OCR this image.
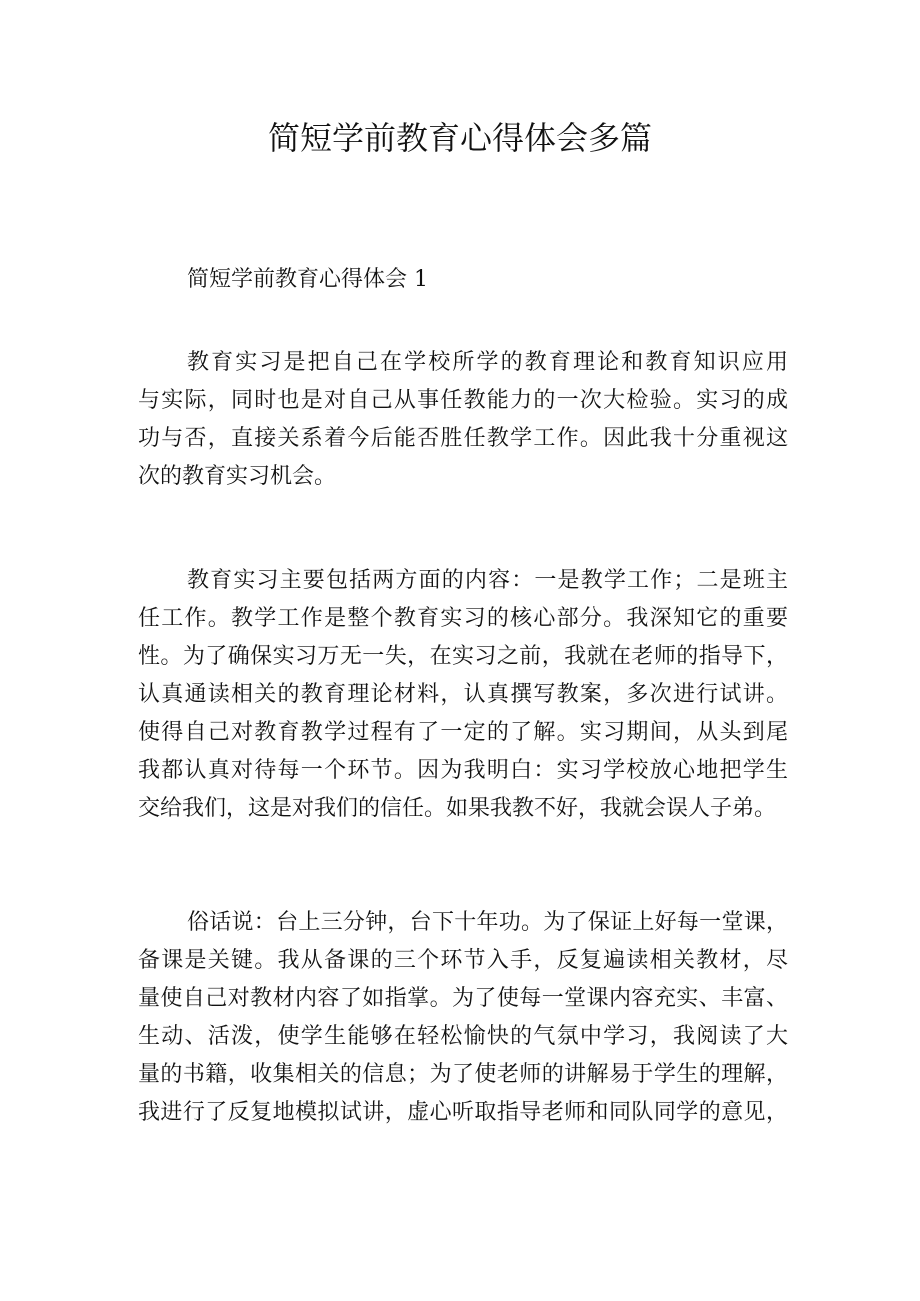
简短学前教育心得体会多篇
简短学前教育心得体会 1
教育实习是把自己在学校所学的教育理论和教育知识应用
与实际，同时也是对自己从事任教能力的一次大检验。实习的成
功与否，直接关系着今后能否胜任教学工作。因此我十分重视这
次的教育实习机会。
教育实习主要包括两方面的内容：一是教学工作；二是班主
任工作。教学工作是整个教育实习的核心部分。我深知它的重要
性。为了确保实习万无一失，在实习之前，我就在老师的指导下，
认真通读相关的教育理论材料，认真撰写教案，多次进行试讲。
使得自己对教育教学过程有了一定的了解。实习期间，从头到尾
我都认真对待每一个环节。因为我明白：实习学校放心地把学生
交给我们，这是对我们的信任。如果我教不好，我就会误人子弟。
俗话说：台上三分钟，台下十年功。为了保证上好每一堂课，
备课是关键。我从备课的三个环节入手，反复遍读相关教材，尽
量使自己对教材内容了如指掌。为了使每一堂课内容充实、丰富、
生动、活泼，使学生能够在轻松愉快的气氛中学习，我阅读了大
量的书籍，收集相关的信息；为了使老师的讲解易于学生的理解，
我进行了反复地模拟试讲，虚心听取指导老师和同队同学的意见，
